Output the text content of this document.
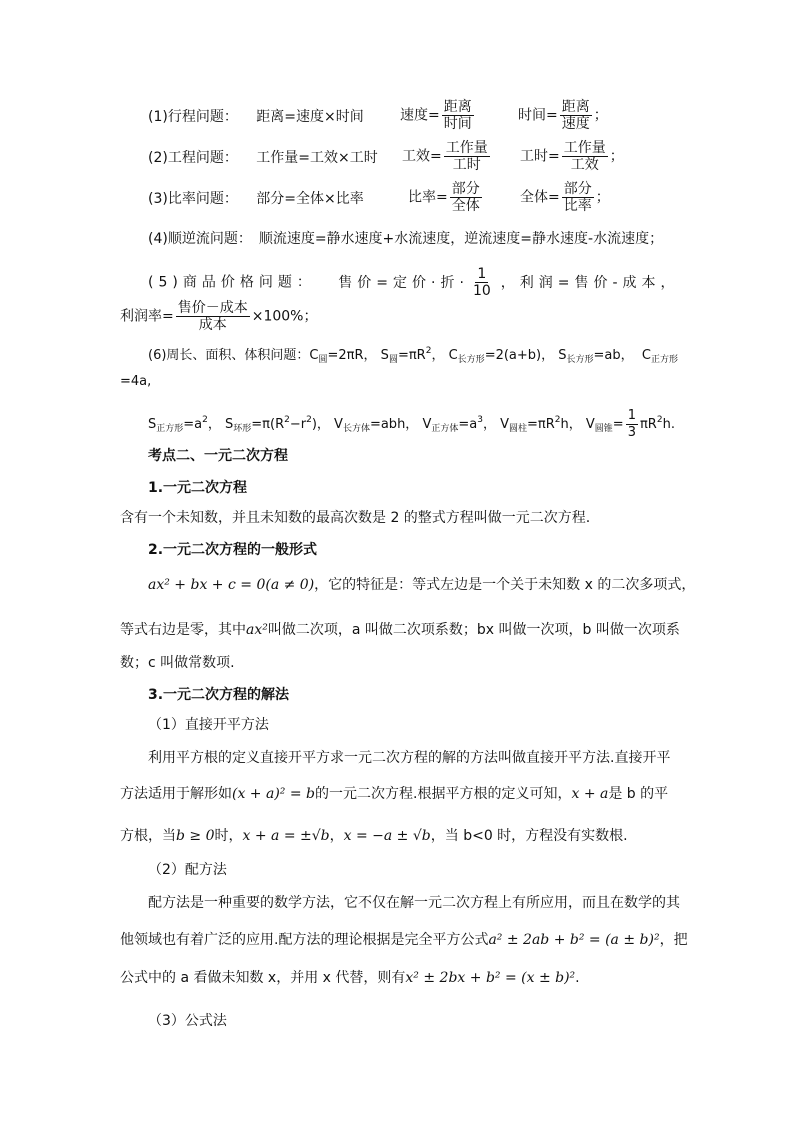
(1)行程问题： 距离=速度×时间	速度= $\frac{\text{距离}}{\text{时间}}$	时间= $\frac{\text{距离}}{\text{速度}}$ ；
(2)工程问题： 工作量=工效×工时 工效= $\frac{\text{工作量}}{\text{工时}}$ 工时= $\frac{\text{工作量}}{\text{工效}}$ ；
(3)比率问题： 部分=全体×比率	比率= $\frac{\text{部分}}{\text{全体}}$	全体= $\frac{\text{部分}}{\text{比率}}$ ；
(4)顺逆流问题：　顺流速度=静水速度+水流速度，逆流速度=静水速度-水流速度；
(5)商品价格问题： 售价=定价·折· $\frac{1}{10}$ ，利润=售价-成本，
利润率= $\frac{\text{售价－成本}}{\text{成本}} \times 100\%$；
(6)周长、面积、体积问题：$C_圆=2\pi R$， $S_圆=\pi R^2$， $C_{长方形}=2(a+b)$， $S_{长方形}=ab$，  $C_{正方形}$
=4a,
$S_{正方形}=a^2$， $S_{环形}=\pi(R^2-r^2)$， $V_{长方体}=abh$， $V_{正方体}=a^3$， $V_{圆柱}=\pi R^2h$， $V_{圆锥}= \frac{1}{3} \pi R^2h$.
考点二、一元二次方程
1.一元二次方程
含有一个未知数，并且未知数的最高次数是 2 的整式方程叫做一元二次方程.
2.一元二次方程的一般形式
ax² + bx + c = 0(a ≠ 0)，它的特征是：等式左边是一个关于未知数 x 的二次多项式，
等式右边是零，其中ax²叫做二次项，a 叫做二次项系数；bx 叫做一次项，b 叫做一次项系
数；c 叫做常数项.
3.一元二次方程的解法
（1）直接开平方法
利用平方根的定义直接开平方求一元二次方程的解的方法叫做直接开平方法.直接开平
方法适用于解形如(x + a)² = b的一元二次方程.根据平方根的定义可知，x + a是 b 的平
方根，当b ≥ 0时，x + a = ±√b，x = −a ± √b，当 b<0 时，方程没有实数根.
（2）配方法
配方法是一种重要的数学方法，它不仅在解一元二次方程上有所应用，而且在数学的其
他领域也有着广泛的应用.配方法的理论根据是完全平方公式a² ± 2ab + b² = (a ± b)²，把
公式中的 a 看做未知数 x，并用 x 代替，则有x² ± 2bx + b² = (x ± b)².
（3）公式法
